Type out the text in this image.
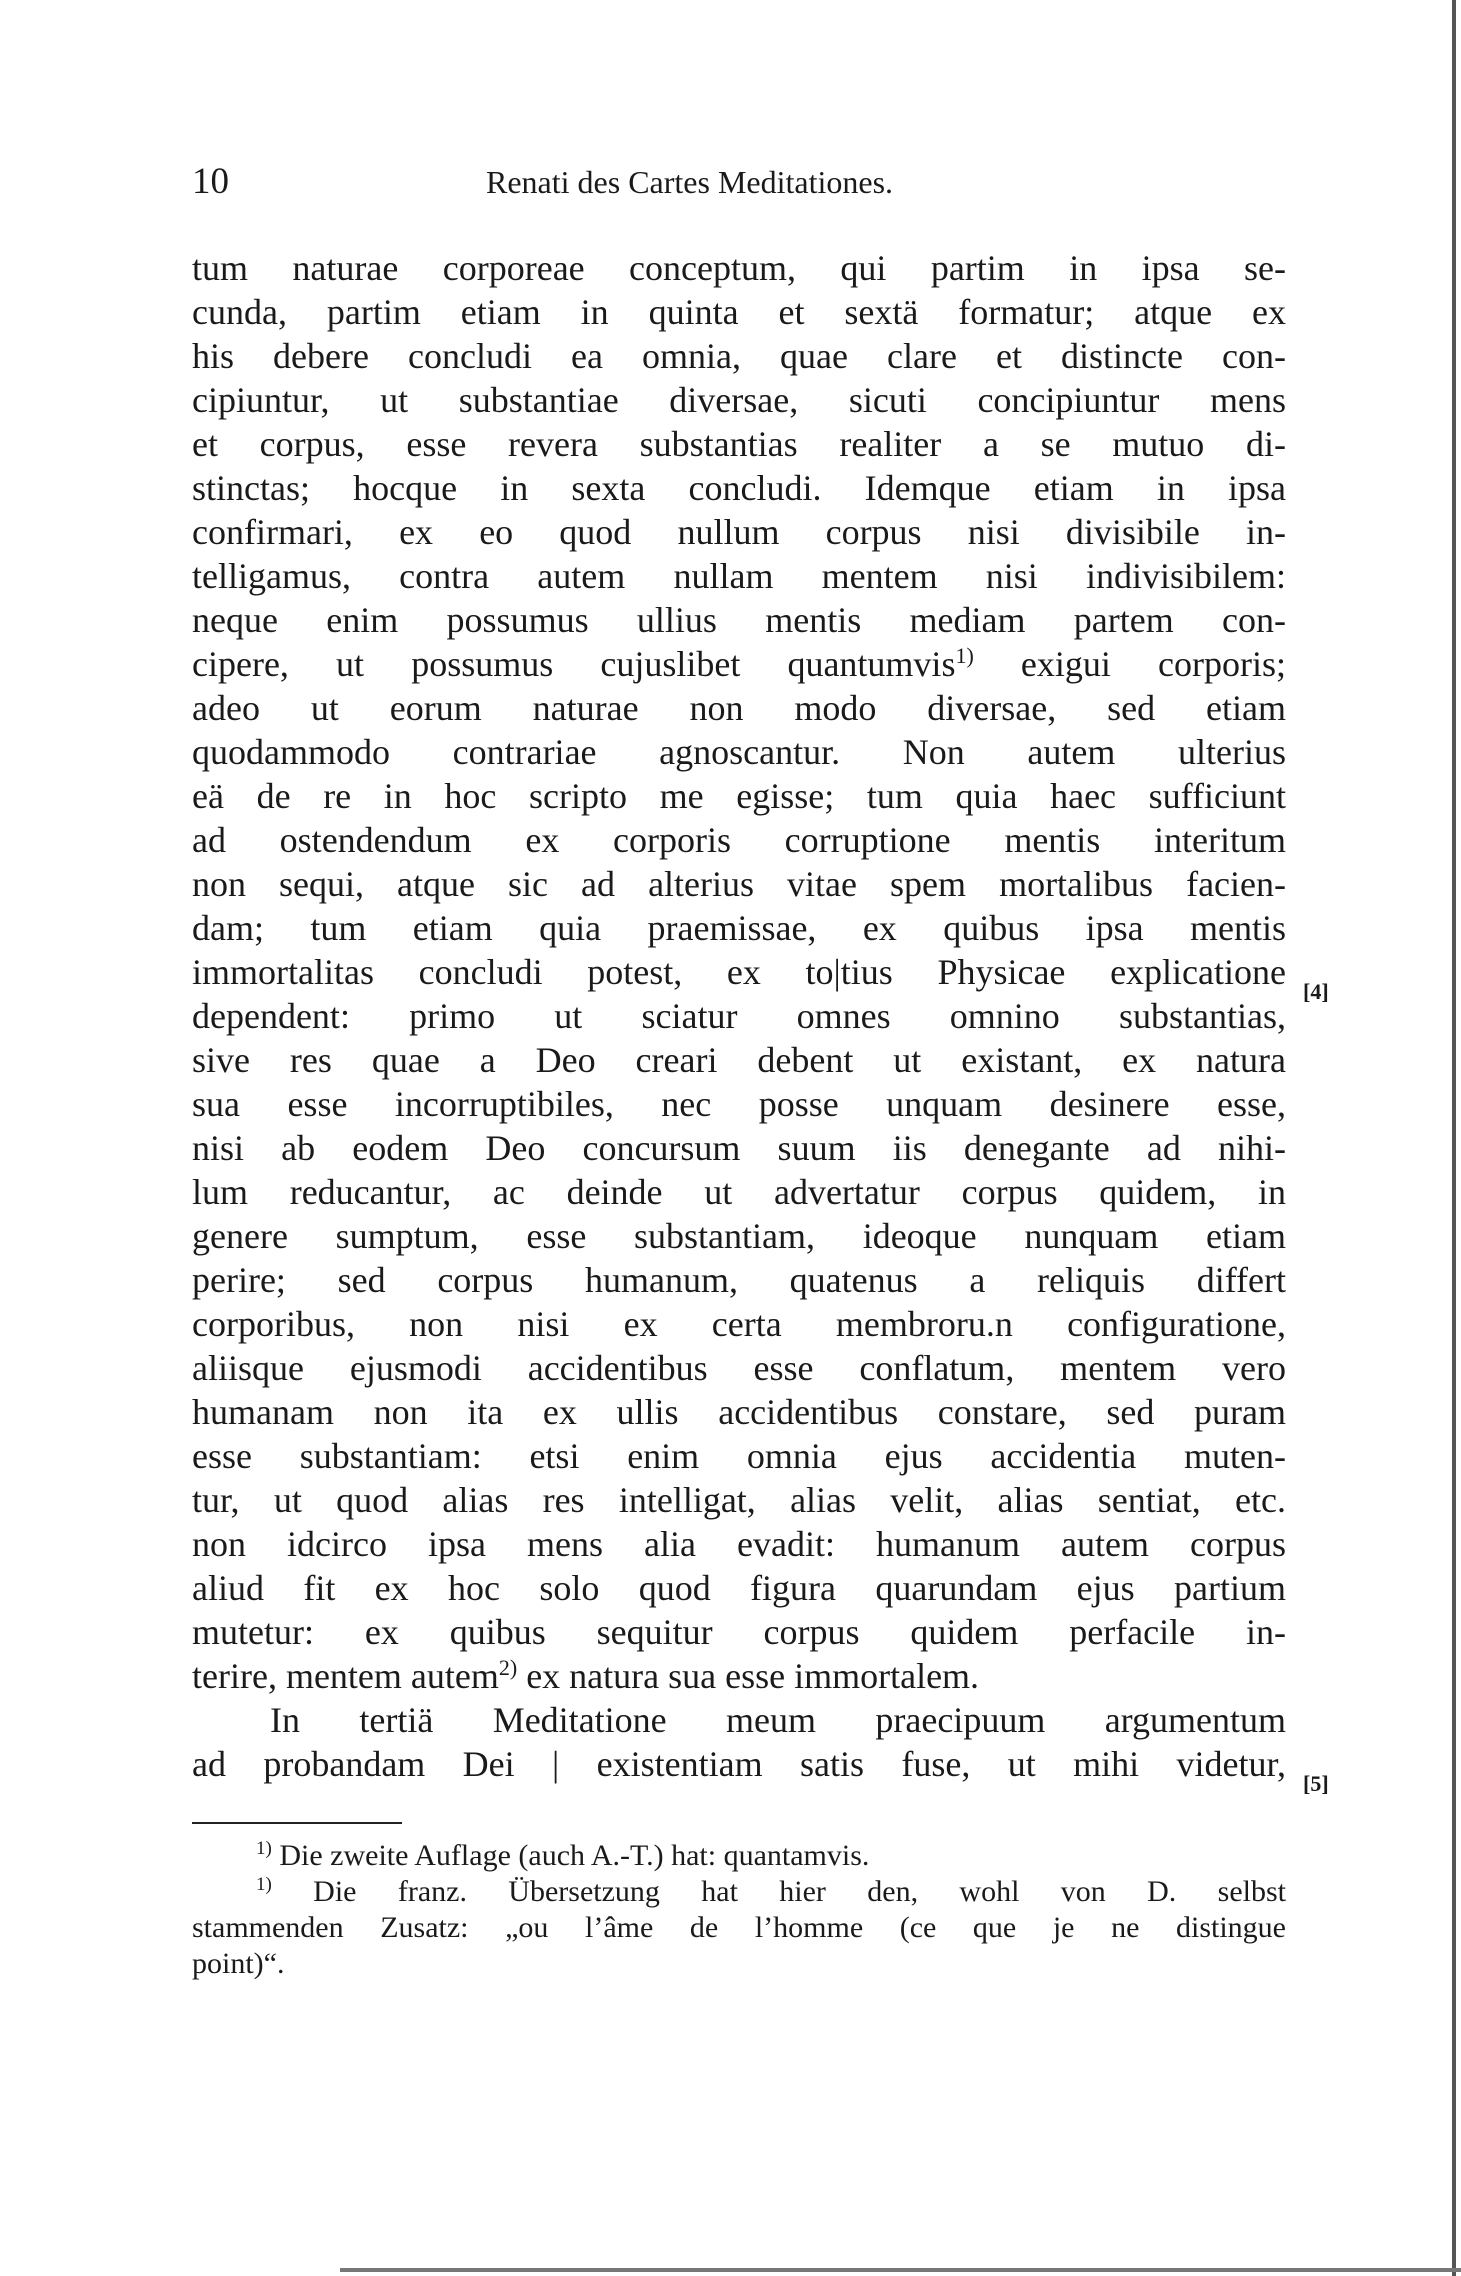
10	Renati des Cartes Meditationes.
tum naturae corporeae conceptum, qui partim in ipsa se-
cunda, partim etiam in quinta et sextä formatur; atque ex
his debere concludi ea omnia, quae clare et distincte con-
cipiuntur, ut substantiae diversae, sicuti concipiuntur mens
et corpus, esse revera substantias realiter a se mutuo di-
stinctas; hocque in sexta concludi. Idemque etiam in ipsa
confirmari, ex eo quod nullum corpus nisi divisibile in-
telligamus, contra autem nullam mentem nisi indivisibilem:
neque enim possumus ullius mentis mediam partem con-
cipere, ut possumus cujuslibet quantumvis$^{1)}$ exigui corporis;
adeo ut eorum naturae non modo diversae, sed etiam
quodammodo contrariae agnoscantur. Non autem ulterius
eä de re in hoc scripto me egisse; tum quia haec sufficiunt
ad ostendendum ex corporis corruptione mentis interitum
non sequi, atque sic ad alterius vitae spem mortalibus facien-
dam; tum etiam quia praemissae, ex quibus ipsa mentis
immortalitas concludi potest, ex to|tius Physicae explicatione
dependent: primo ut sciatur omnes omnino substantias,
sive res quae a Deo creari debent ut existant, ex natura
sua esse incorruptibiles, nec posse unquam desinere esse,
nisi ab eodem Deo concursum suum iis denegante ad nihi-
lum reducantur, ac deinde ut advertatur corpus quidem, in
genere sumptum, esse substantiam, ideoque nunquam etiam
perire; sed corpus humanum, quatenus a reliquis differt
corporibus, non nisi ex certa membroru.n configuratione,
aliisque ejusmodi accidentibus esse conflatum, mentem vero
humanam non ita ex ullis accidentibus constare, sed puram
esse substantiam: etsi enim omnia ejus accidentia muten-
tur, ut quod alias res intelligat, alias velit, alias sentiat, etc.
non idcirco ipsa mens alia evadit: humanum autem corpus
aliud fit ex hoc solo quod figura quarundam ejus partium
mutetur: ex quibus sequitur corpus quidem perfacile in-
terire, mentem autem$^{2)}$ ex natura sua esse immortalem.
In tertiä Meditatione meum praecipuum argumentum
ad probandam Dei | existentiam satis fuse, ut mihi videtur,
[4]
[5]
$^{1)}$ Die zweite Auflage (auch A.-T.) hat: quantamvis.
$^{1)}$ Die franz. Übersetzung hat hier den, wohl von D. selbst
stammenden Zusatz: „ou l’âme de l’homme (ce que je ne distingue
point)“.
